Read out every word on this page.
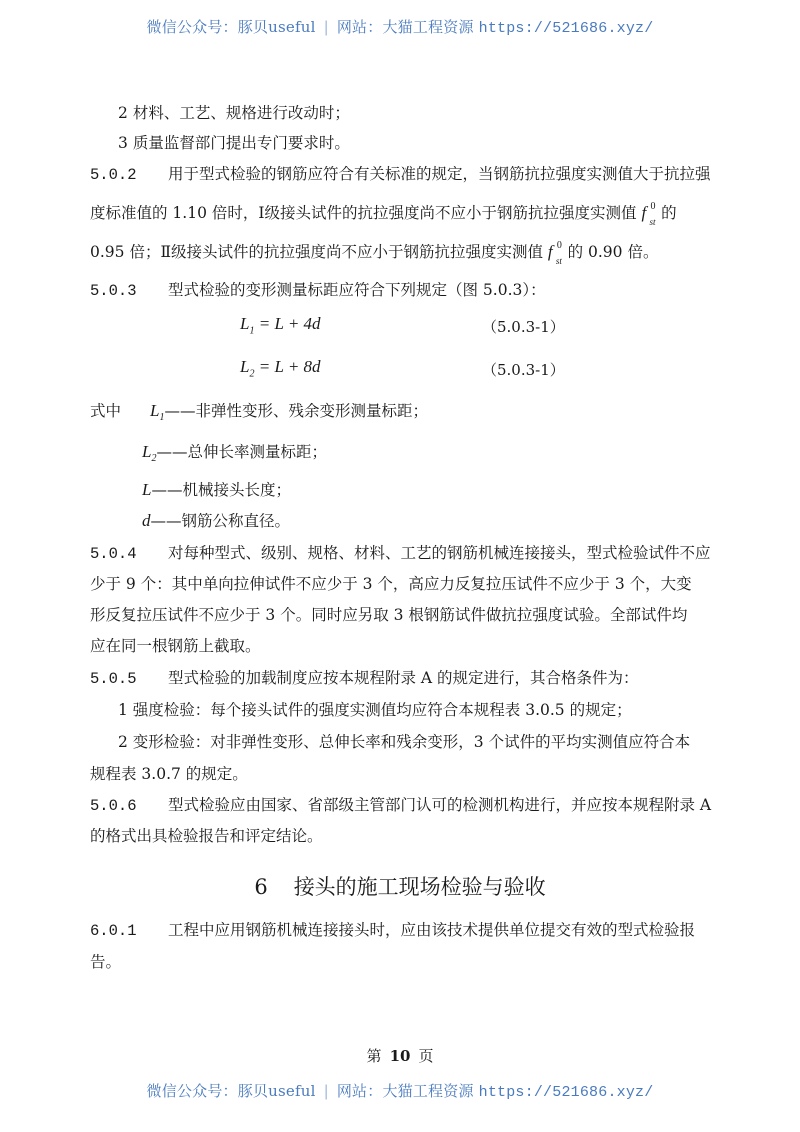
微信公众号：豚贝useful | 网站：大猫工程资源 https://521686.xyz/
2 材料、工艺、规格进行改动时；
3 质量监督部门提出专门要求时。
5.0.2 用于型式检验的钢筋应符合有关标准的规定，当钢筋抗拉强度实测值大于抗拉强
度标准值的 1.10 倍时，Ⅰ级接头试件的抗拉强度尚不应小于钢筋抗拉强度实测值 f 0
st 的
0.95 倍；Ⅱ级接头试件的抗拉强度尚不应小于钢筋抗拉强度实测值 f 0
st 的 0.90 倍。
5.0.3 型式检验的变形测量标距应符合下列规定（图 5.0.3）：
$L_1 = L + 4d$	（5.0.3-1）
$L_2 = L + 8d$	（5.0.3-1）
式中 $L_1——$非弹性变形、残余变形测量标距；
$L_2——$总伸长率测量标距；
L——机械接头长度；
d——钢筋公称直径。
5.0.4 对每种型式、级别、规格、材料、工艺的钢筋机械连接接头，型式检验试件不应
少于 9 个：其中单向拉伸试件不应少于 3 个，高应力反复拉压试件不应少于 3 个，大变
形反复拉压试件不应少于 3 个。同时应另取 3 根钢筋试件做抗拉强度试验。全部试件均
应在同一根钢筋上截取。
5.0.5 型式检验的加载制度应按本规程附录 A 的规定进行，其合格条件为：
1 强度检验：每个接头试件的强度实测值均应符合本规程表 3.0.5 的规定；
2 变形检验：对非弹性变形、总伸长率和残余变形，3 个试件的平均实测值应符合本
规程表 3.0.7 的规定。
5.0.6 型式检验应由国家、省部级主管部门认可的检测机构进行，并应按本规程附录 A
的格式出具检验报告和评定结论。
6 接头的施工现场检验与验收
6.0.1 工程中应用钢筋机械连接接头时，应由该技术提供单位提交有效的型式检验报
告。
第 10 页
微信公众号：豚贝useful | 网站：大猫工程资源 https://521686.xyz/
